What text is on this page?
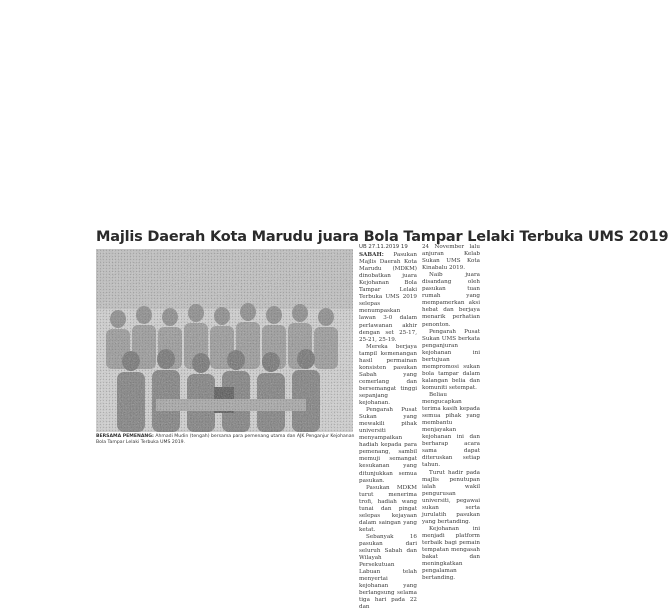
Majlis Daerah Kota Marudu juara Bola Tampar Lelaki Terbuka UMS 2019
BERSAMA PEMENANG: Ahmadi Mudin (tengah) bersama para pemenang utama dan AJK Penganjur Kejohanan Bola Tampar Lelaki Terbuka UMS 2019.

UB 27.11.2019 19

SABAH: Pasukan Majlis Daerah Kota Marudu (MDKM) dinobatkan juara Kejohanan Bola Tampar Lelaki Terbuka UMS 2019 selepas menumpaskan lawan 3-0 dalam perlawanan akhir dengan set 25-17, 25-21, 25-19.

Mereka berjaya tampil kemenangan hasil permainan konsisten pasukan Sabah yang cemerlang dan bersemangat tinggi sepanjang kejohanan.

Pengarah Pusat Sukan yang mewakili pihak universiti menyampaikan hadiah kepada para pemenang, sambil memuji semangat kesukanan yang ditunjukkan semua pasukan.

Pasukan MDKM turut menerima trofi, hadiah wang tunai dan pingat selepas kejayaan dalam saingan yang ketat.

Sebanyak 16 pasukan dari seluruh Sabah dan Wilayah Persekutuan Labuan telah menyertai kejohanan yang berlangsung selama tiga hari pada 22 dan

24 November lalu anjuran Kelab Sukan UMS Kota Kinabalu 2019.

Naib juara disandang oleh pasukan tuan rumah yang mempamerkan aksi hebat dan berjaya menarik perhatian penonton.

Pengarah Pusat Sukan UMS berkata penganjuran kejohanan ini bertujuan mempromosi sukan bola tampar dalam kalangan belia dan komuniti setempat.

Beliau mengucapkan terima kasih kepada semua pihak yang membantu menjayakan kejohanan ini dan berharap acara sama dapat diteruskan setiap tahun.

Turut hadir pada majlis penutupan ialah wakil pengurusan universiti, pegawai sukan serta jurulatih pasukan yang bertanding.

Kejohanan ini menjadi platform terbaik bagi pemain tempatan mengasah bakat dan meningkatkan pengalaman bertanding.
